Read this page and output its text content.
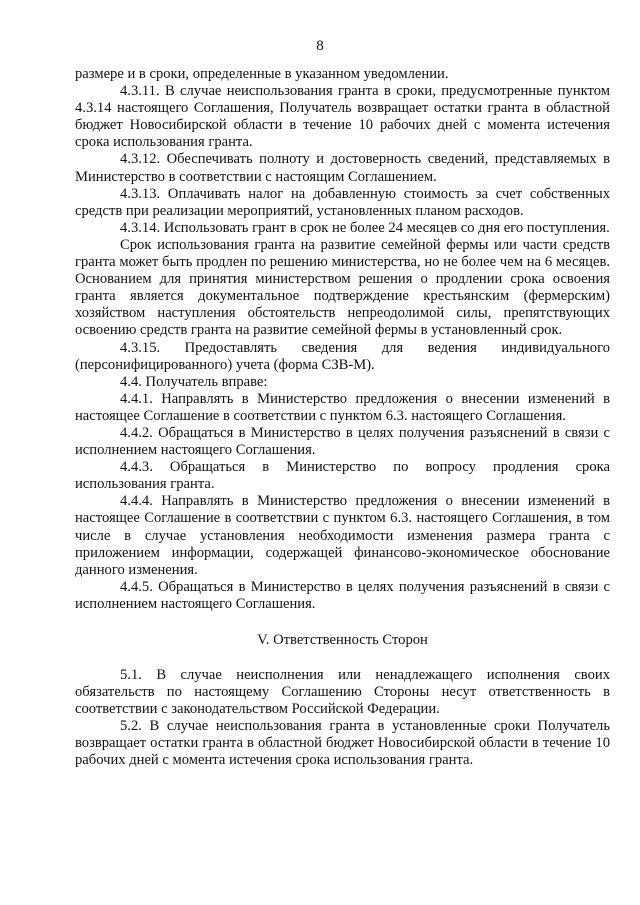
8

размере и в сроки, определенные в указанном уведомлении.

4.3.11. В случае неиспользования гранта в сроки, предусмотренные пунктом 4.3.14 настоящего Соглашения, Получатель возвращает остатки гранта в областной бюджет Новосибирской области в течение 10 рабочих дней с момента истечения срока использования гранта.

4.3.12. Обеспечивать полноту и достоверность сведений, представляемых в Министерство в соответствии с настоящим Соглашением.

4.3.13. Оплачивать налог на добавленную стоимость за счет собственных средств при реализации мероприятий, установленных планом расходов.

4.3.14. Использовать грант в срок не более 24 месяцев со дня его поступления.

Срок использования гранта на развитие семейной фермы или части средств гранта может быть продлен по решению министерства, но не более чем на 6 месяцев. Основанием для принятия министерством решения о продлении срока освоения гранта является документальное подтверждение крестьянским (фермерским) хозяйством наступления обстоятельств непреодолимой силы, препятствующих освоению средств гранта на развитие семейной фермы в установленный срок.

4.3.15. Предоставлять сведения для ведения индивидуального (персонифицированного) учета (форма СЗВ-М).

4.4. Получатель вправе:

4.4.1. Направлять в Министерство предложения о внесении изменений в настоящее Соглашение в соответствии с пунктом 6.3. настоящего Соглашения.

4.4.2. Обращаться в Министерство в целях получения разъяснений в связи с исполнением настоящего Соглашения.

4.4.3. Обращаться в Министерство по вопросу продления срока использования гранта.

4.4.4. Направлять в Министерство предложения о внесении изменений в настоящее Соглашение в соответствии с пунктом 6.3. настоящего Соглашения, в том числе в случае установления необходимости изменения размера гранта с приложением информации, содержащей финансово-экономическое обоснование данного изменения.

4.4.5. Обращаться в Министерство в целях получения разъяснений в связи с исполнением настоящего Соглашения.

V. Ответственность Сторон

5.1. В случае неисполнения или ненадлежащего исполнения своих обязательств по настоящему Соглашению Стороны несут ответственность в соответствии с законодательством Российской Федерации.

5.2. В случае неиспользования гранта в установленные сроки Получатель возвращает остатки гранта в областной бюджет Новосибирской области в течение 10 рабочих дней с момента истечения срока использования гранта.
